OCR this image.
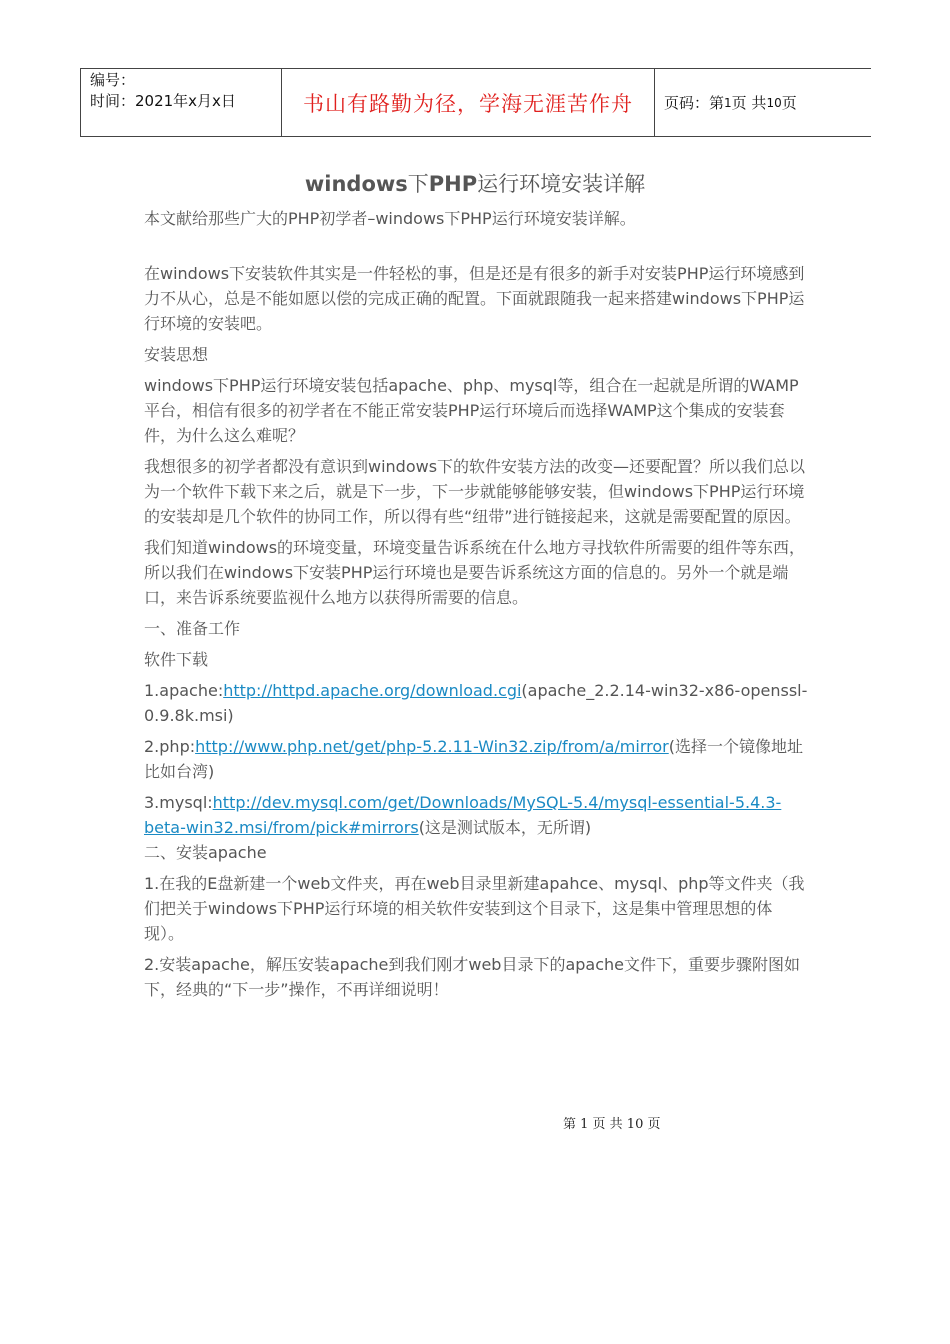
编号：
时间：2021年x月x日	书山有路勤为径，学海无涯苦作舟 页码：第 1 页 共 10 页
windows下PHP运行环境安装详解

本文献给那些广大的PHP初学者–windows下PHP运行环境安装详解。

在windows下安装软件其实是一件轻松的事，但是还是有很多的新手对安装PHP运行环境感到力不从心，总是不能如愿以偿的完成正确的配置。下面就跟随我一起来搭建windows下PHP运行环境的安装吧。

安装思想

windows下PHP运行环境安装包括apache、php、mysql等，组合在一起就是所谓的WAMP平台，相信有很多的初学者在不能正常安装PHP运行环境后而选择WAMP这个集成的安装套件，为什么这么难呢？

我想很多的初学者都没有意识到windows下的软件安装方法的改变—还要配置？所以我们总以为一个软件下载下来之后，就是下一步，下一步就能够能够安装，但windows下PHP运行环境的安装却是几个软件的协同工作，所以得有些“纽带”进行链接起来，这就是需要配置的原因。

我们知道windows的环境变量，环境变量告诉系统在什么地方寻找软件所需要的组件等东西，所以我们在windows下安装PHP运行环境也是要告诉系统这方面的信息的。另外一个就是端口，来告诉系统要监视什么地方以获得所需要的信息。

一、准备工作

软件下载

1.apache:http://httpd.apache.org/download.cgi(apache_2.2.14-win32-x86-openssl-0.9.8k.msi)

2.php:http://www.php.net/get/php-5.2.11-Win32.zip/from/a/mirror(选择一个镜像地址比如台湾)

3.mysql:http://dev.mysql.com/get/Downloads/MySQL-5.4/mysql-essential-5.4.3-beta-win32.msi/from/pick#mirrors(这是测试版本，无所谓)

二、安装apache

1.在我的E盘新建一个web文件夹，再在web目录里新建apahce、mysql、php等文件夹（我们把关于windows下PHP运行环境的相关软件安装到这个目录下，这是集中管理思想的体现）。

2.安装apache，解压安装apache到我们刚才web目录下的apache文件下，重要步骤附图如下，经典的“下一步”操作，不再详细说明！

第 1 页 共 10 页
